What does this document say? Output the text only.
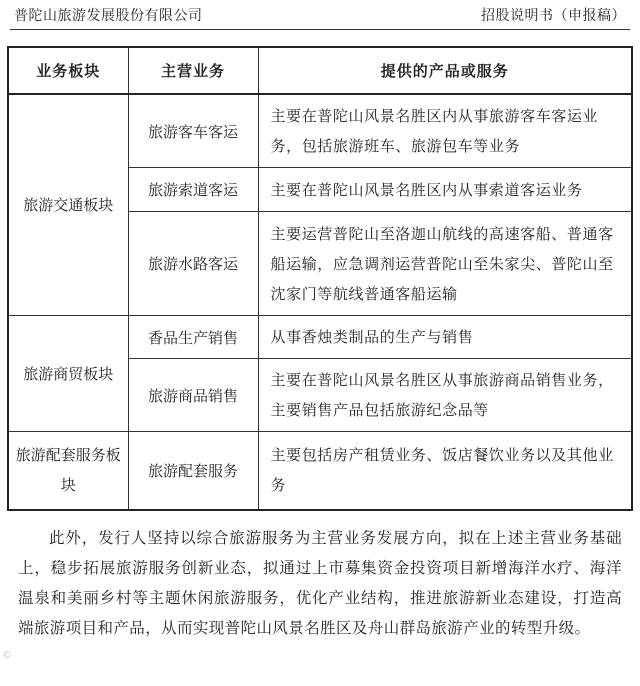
普陀山旅游发展股份有限公司	招股说明书（申报稿）
业务板块	主营业务	提供的产品或服务
旅游交通板块	旅游客车客运	主要在普陀山风景名胜区内从事旅游客车客运业务，包括旅游班车、旅游包车等业务
	旅游索道客运	主要在普陀山风景名胜区内从事索道客运业务
	旅游水路客运	主要运营普陀山至洛迦山航线的高速客船、普通客船运输，应急调剂运营普陀山至朱家尖、普陀山至沈家门等航线普通客船运输
旅游商贸板块	香品生产销售	从事香烛类制品的生产与销售
	旅游商品销售	主要在普陀山风景名胜区从事旅游商品销售业务，主要销售产品包括旅游纪念品等
旅游配套服务板块	旅游配套服务	主要包括房产租赁业务、饭店餐饮业务以及其他业务

此外，发行人坚持以综合旅游服务为主营业务发展方向，拟在上述主营业务基础上，稳步拓展旅游服务创新业态，拟通过上市募集资金投资项目新增海洋水疗、海洋温泉和美丽乡村等主题休闲旅游服务，优化产业结构，推进旅游新业态建设，打造高端旅游项目和产品，从而实现普陀山风景名胜区及舟山群岛旅游产业的转型升级。

©
